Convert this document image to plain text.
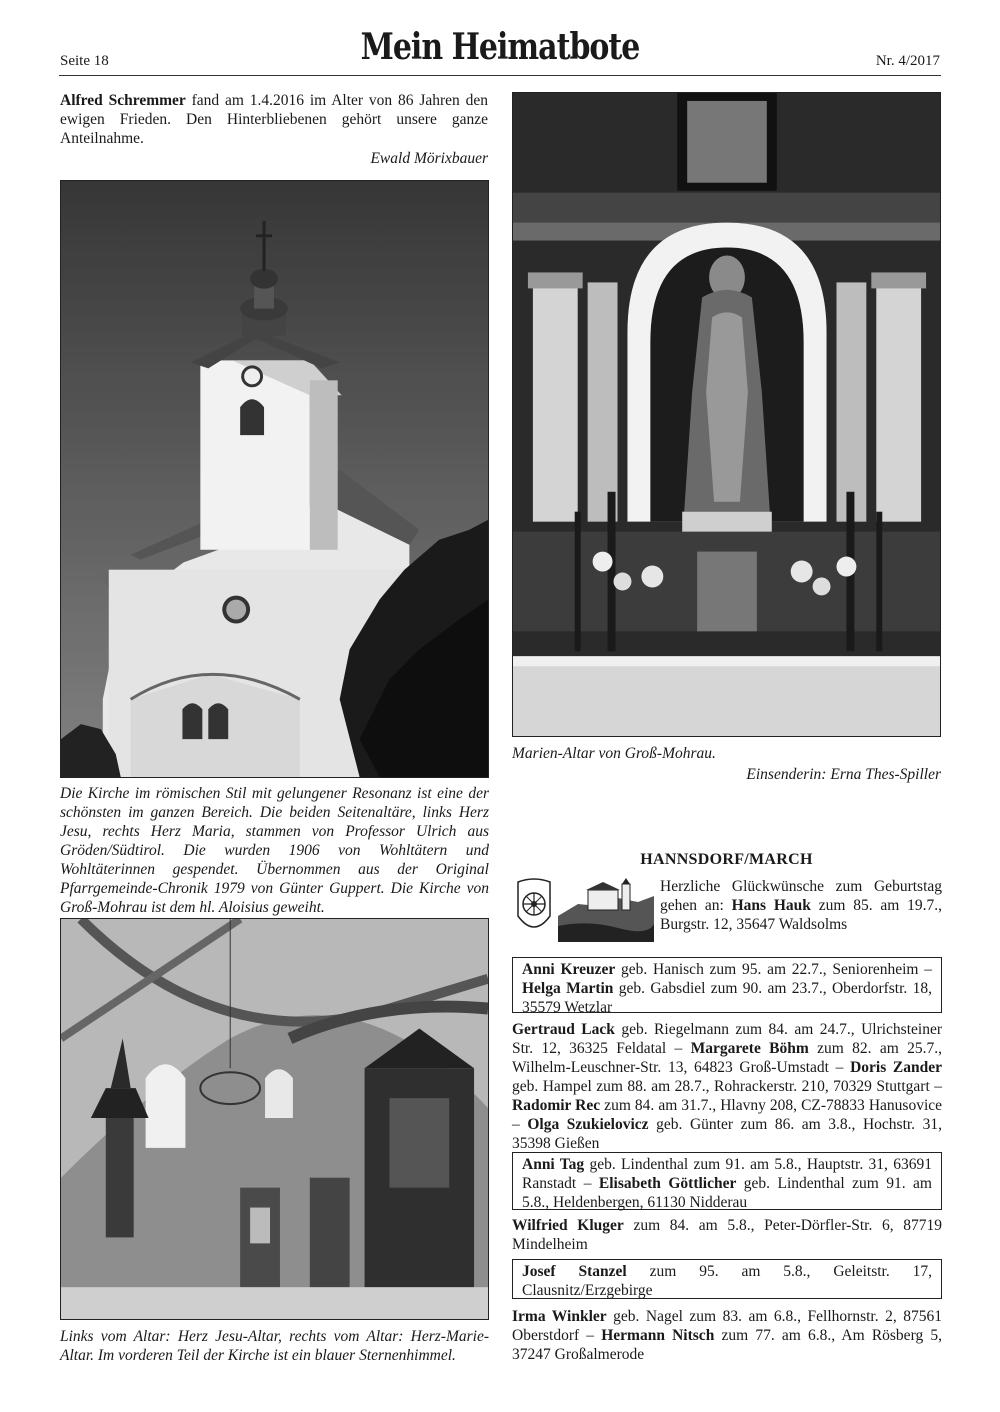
Seite 18	Mein Heimatbote	Nr. 4/2017

Alfred Schremmer fand am 1.4.2016 im Alter von 86 Jahren den ewigen Frieden. Den Hinterbliebenen gehört unsere ganze Anteilnahme.

Ewald Mörixbauer

Die Kirche im römischen Stil mit gelungener Resonanz ist eine der schönsten im ganzen Bereich. Die beiden Seitenaltäre, links Herz Jesu, rechts Herz Maria, stammen von Professor Ulrich aus Gröden/Südtirol. Die wurden 1906 von Wohltätern und Wohltäterinnen gespendet. Übernommen aus der Original Pfarrgemeinde-Chronik 1979 von Günter Guppert. Die Kirche von Groß-Mohrau ist dem hl. Aloisius geweiht.

Links vom Altar: Herz Jesu-Altar, rechts vom Altar: Herz-Marie-Altar. Im vorderen Teil der Kirche ist ein blauer Sternenhimmel.

Marien-Altar von Groß-Mohrau.

Einsenderin: Erna Thes-Spiller

HANNSDORF/MARCH

Herzliche Glückwünsche zum Geburtstag gehen an: Hans Hauk zum 85. am 19.7., Burgstr. 12, 35647 Waldsolms

Anni Kreuzer geb. Hanisch zum 95. am 22.7., Seniorenheim – Helga Martin geb. Gabsdiel zum 90. am 23.7., Oberdorfstr. 18, 35579 Wetzlar
Gertraud Lack geb. Riegelmann zum 84. am 24.7., Ulrichsteiner Str. 12, 36325 Feldatal – Margarete Böhm zum 82. am 25.7., Wilhelm-Leuschner-Str. 13, 64823 Groß-Umstadt – Doris Zander geb. Hampel zum 88. am 28.7., Rohrackerstr. 210, 70329 Stuttgart – Radomir Rec zum 84. am 31.7., Hlavny 208, CZ-78833 Hanusovice – Olga Szukielovicz geb. Günter zum 86. am 3.8., Hochstr. 31, 35398 Gießen
Anni Tag geb. Lindenthal zum 91. am 5.8., Hauptstr. 31, 63691 Ranstadt – Elisabeth Göttlicher geb. Lindenthal zum 91. am 5.8., Heldenbergen, 61130 Nidderau
Wilfried Kluger zum 84. am 5.8., Peter-Dörfler-Str. 6, 87719 Mindelheim
Josef Stanzel zum 95. am 5.8., Geleitstr. 17, Clausnitz/Erzgebirge
Irma Winkler geb. Nagel zum 83. am 6.8., Fellhornstr. 2, 87561 Oberstdorf – Hermann Nitsch zum 77. am 6.8., Am Rösberg 5, 37247 Großalmerode
